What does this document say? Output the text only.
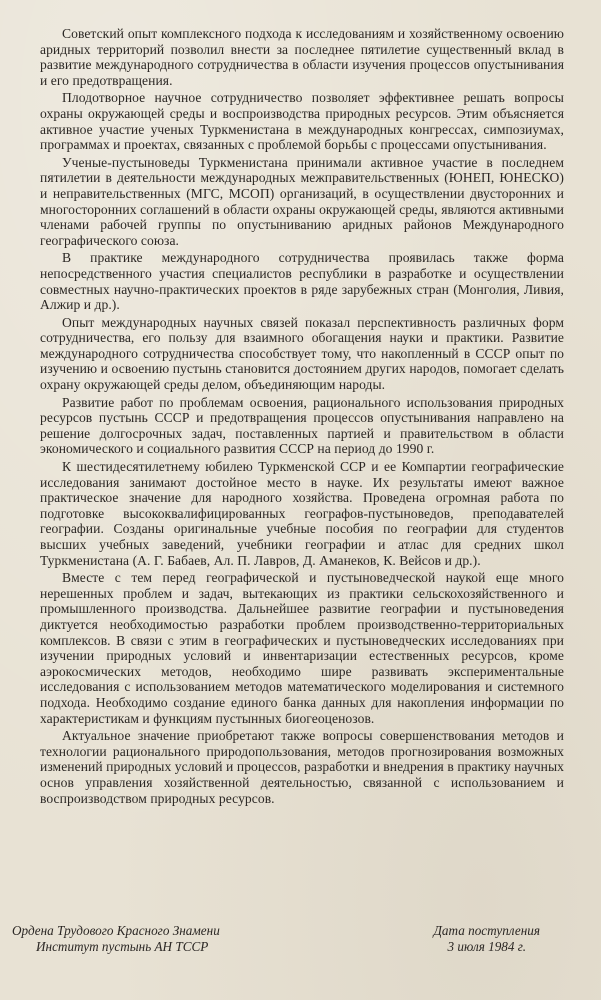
Советский опыт комплексного подхода к исследованиям и хозяйственному освоению аридных территорий позволил внести за последнее пятилетие существенный вклад в развитие международного сотрудничества в области изучения процессов опустынивания и его предотвращения.

Плодотворное научное сотрудничество позволяет эффективнее решать вопросы охраны окружающей среды и воспроизводства природных ресурсов. Этим объясняется активное участие ученых Туркменистана в международных конгрессах, симпозиумах, программах и проектах, связанных с проблемой борьбы с процессами опустынивания.

Ученые-пустыноведы Туркменистана принимали активное участие в последнем пятилетии в деятельности международных межправительственных (ЮНЕП, ЮНЕСКО) и неправительственных (МГС, МСОП) организаций, в осуществлении двусторонних и многосторонних соглашений в области охраны окружающей среды, являются активными членами рабочей группы по опустыниванию аридных районов Международного географического союза.

В практике международного сотрудничества проявилась также форма непосредственного участия специалистов республики в разработке и осуществлении совместных научно-практических проектов в ряде зарубежных стран (Монголия, Ливия, Алжир и др.).

Опыт международных научных связей показал перспективность различных форм сотрудничества, его пользу для взаимного обогащения науки и практики. Развитие международного сотрудничества способствует тому, что накопленный в СССР опыт по изучению и освоению пустынь становится достоянием других народов, помогает сделать охрану окружающей среды делом, объединяющим народы.

Развитие работ по проблемам освоения, рационального использования природных ресурсов пустынь СССР и предотвращения процессов опустынивания направлено на решение долгосрочных задач, поставленных партией и правительством в области экономического и социального развития СССР на период до 1990 г.

К шестидесятилетнему юбилею Туркменской ССР и ее Компартии географические исследования занимают достойное место в науке. Их результаты имеют важное практическое значение для народного хозяйства. Проведена огромная работа по подготовке высококвалифицированных географов-пустыноведов, преподавателей географии. Созданы оригинальные учебные пособия по географии для студентов высших учебных заведений, учебники географии и атлас для средних школ Туркменистана (А. Г. Бабаев, Ал. П. Лавров, Д. Аманеков, К. Вейсов и др.).

Вместе с тем перед географической и пустыноведческой наукой еще много нерешенных проблем и задач, вытекающих из практики сельскохозяйственного и промышленного производства. Дальнейшее развитие географии и пустыноведения диктуется необходимостью разработки проблем производственно-территориальных комплексов. В связи с этим в географических и пустыноведческих исследованиях при изучении природных условий и инвентаризации естественных ресурсов, кроме аэрокосмических методов, необходимо шире развивать экспериментальные исследования с использованием методов математического моделирования и системного подхода. Необходимо создание единого банка данных для накопления информации по характеристикам и функциям пустынных биогеоценозов.

Актуальное значение приобретают также вопросы совершенствования методов и технологии рационального природопользования, методов прогнозирования возможных изменений природных условий и процессов, разработки и внедрения в практику научных основ управления хозяйственной деятельностью, связанной с использованием и воспроизводством природных ресурсов.

Ордена Трудового Красного Знамени
Институт пустынь АН ТССР
Дата поступления
3 июля 1984 г.
